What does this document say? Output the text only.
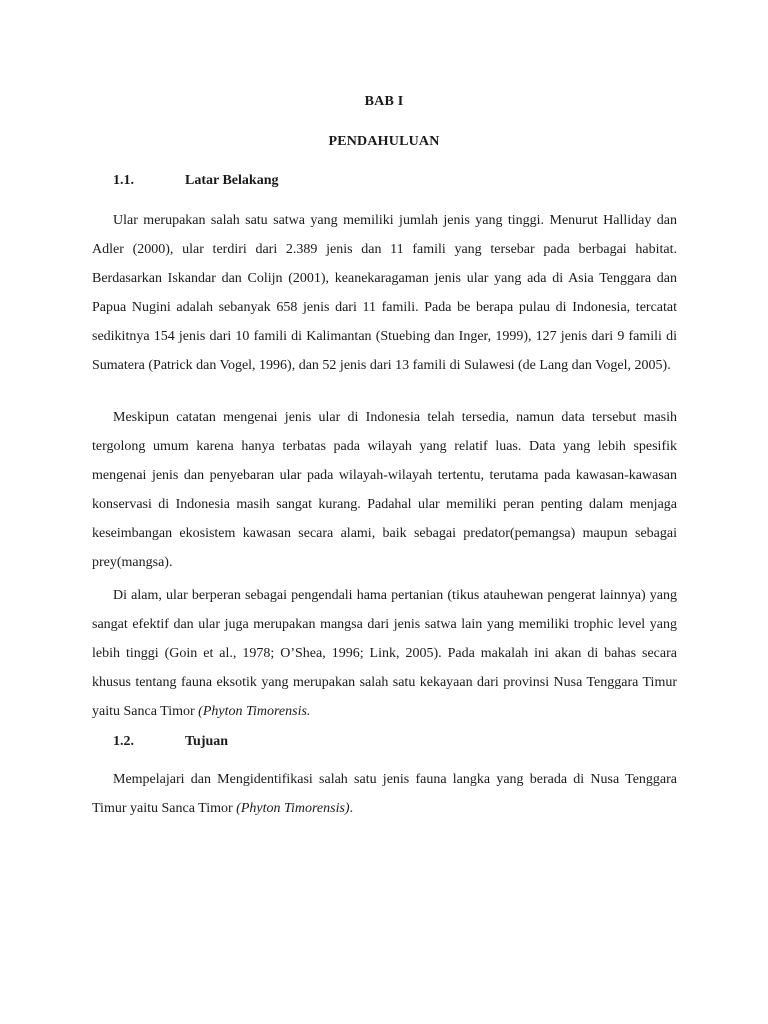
BAB I
PENDAHULUAN
1.1.	Latar Belakang

Ular merupakan salah satu satwa yang memiliki jumlah jenis yang tinggi. Menurut Halliday dan Adler (2000), ular terdiri dari 2.389 jenis dan 11 famili yang tersebar pada berbagai habitat. Berdasarkan Iskandar dan Colijn (2001), keanekaragaman jenis ular yang ada di Asia Tenggara dan Papua Nugini adalah sebanyak 658 jenis dari 11 famili. Pada be berapa pulau di Indonesia, tercatat sedikitnya 154 jenis dari 10 famili di Kalimantan (Stuebing dan Inger, 1999), 127 jenis dari 9 famili di Sumatera (Patrick dan Vogel, 1996), dan 52 jenis dari 13 famili di Sulawesi (de Lang dan Vogel, 2005).

Meskipun catatan mengenai jenis ular di Indonesia telah tersedia, namun data tersebut masih tergolong umum karena hanya terbatas pada wilayah yang relatif luas. Data yang lebih spesifik mengenai jenis dan penyebaran ular pada wilayah-wilayah tertentu, terutama pada kawasan-kawasan konservasi di Indonesia masih sangat kurang. Padahal ular memiliki peran penting dalam menjaga keseimbangan ekosistem kawasan secara alami, baik sebagai predator(pemangsa) maupun sebagai prey(mangsa).

Di alam, ular berperan sebagai pengendali hama pertanian (tikus atauhewan pengerat lainnya) yang sangat efektif dan ular juga merupakan mangsa dari jenis satwa lain yang memiliki trophic level yang lebih tinggi (Goin et al., 1978; O’Shea, 1996; Link, 2005). Pada makalah ini akan di bahas secara khusus tentang fauna eksotik yang merupakan salah satu kekayaan dari provinsi Nusa Tenggara Timur yaitu Sanca Timor (Phyton Timorensis.

1.2.	Tujuan

Mempelajari dan Mengidentifikasi salah satu jenis fauna langka yang berada di Nusa Tenggara Timur yaitu Sanca Timor (Phyton Timorensis).
